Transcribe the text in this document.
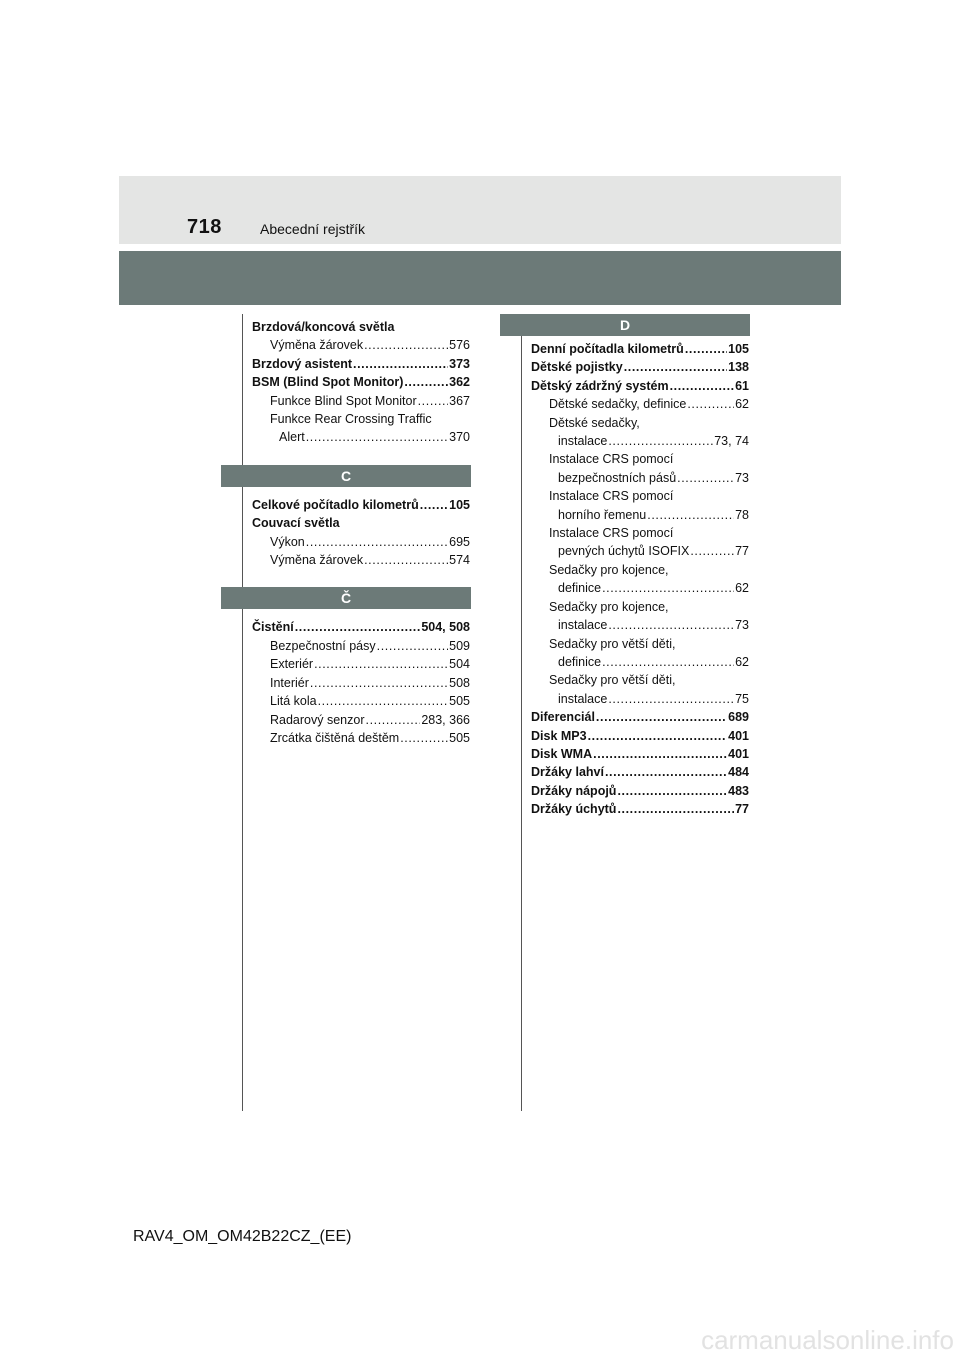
718	Abecední rejstřík
D
Brzdová/koncová světla
Výměna žárovek .....	576
Brzdový asistent .....	373
BSM (Blind Spot Monitor) .....	362
Funkce Blind Spot Monitor .....	367
Funkce Rear Crossing Traffic
Alert .....	370
C
Celkové počítadlo kilometrů ..... 105
Couvací světla
Výkon .....	695
Výměna žárovek .....	574
Č
Čistění .....	504, 508
Bezpečnostní pásy .....	509
Exteriér .....	504
Interiér .....	508
Litá kola .....	505
Radarový senzor .....	283, 366
Zrcátka čištěná deštěm .....	505
Denní počítadla kilometrů .....	105
Dětské pojistky .....	138
Dětský zádržný systém .....	61
Dětské sedačky, definice .....	62
Dětské sedačky,
instalace .....	73, 74
Instalace CRS pomocí
bezpečnostních pásů .....	73
Instalace CRS pomocí
horního řemenu .....	78
Instalace CRS pomocí
pevných úchytů ISOFIX .....	77
Sedačky pro kojence,
definice .....	62
Sedačky pro kojence,
instalace .....	73
Sedačky pro větší děti,
definice .....	62
Sedačky pro větší děti,
instalace .....	75
Diferenciál .....	689
Disk MP3 .....	401
Disk WMA .....	401
Držáky lahví .....	484
Držáky nápojů .....	483
Držáky úchytů .....	77
RAV4_OM_OM42B22CZ_(EE)
carmanualsonline.info
